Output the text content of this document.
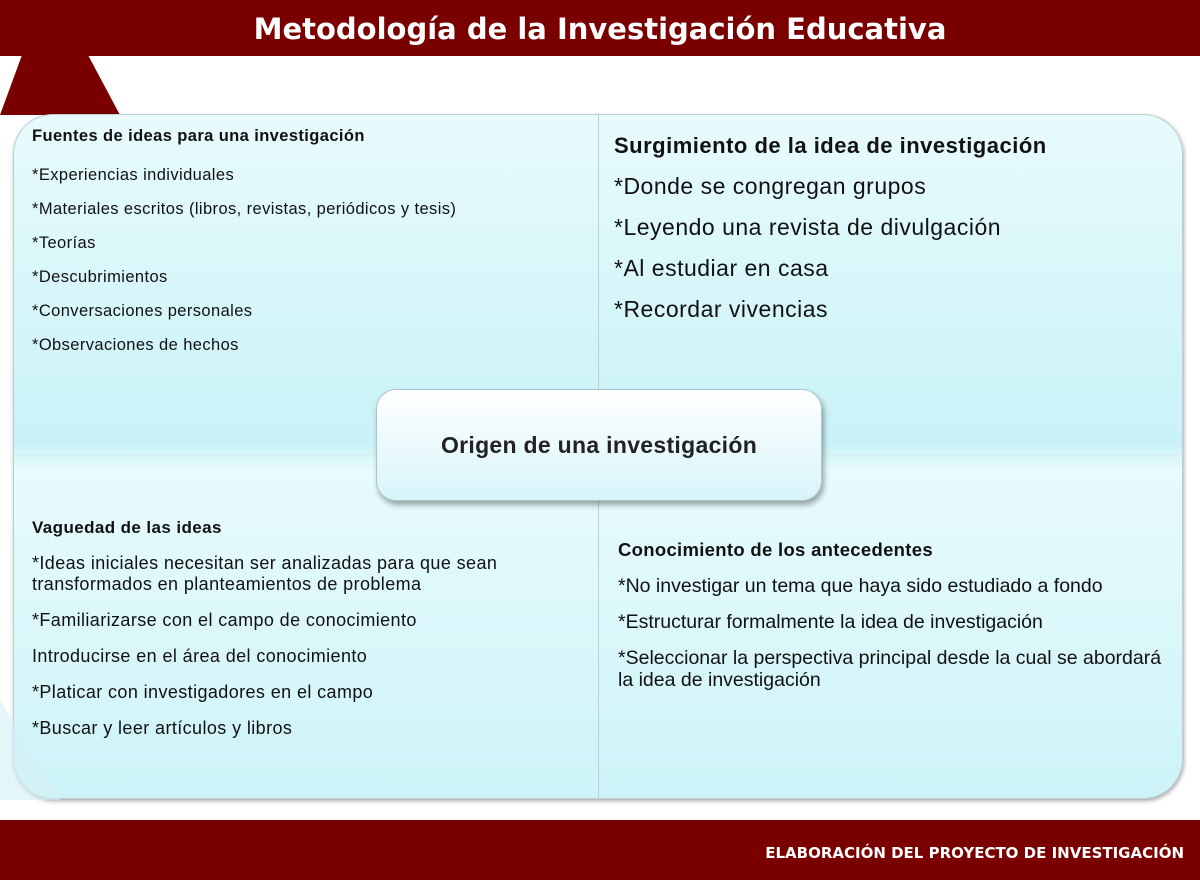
Metodología de la Investigación Educativa

Fuentes de ideas para una investigación

*Experiencias individuales

*Materiales escritos (libros, revistas, periódicos y tesis)

*Teorías

*Descubrimientos

*Conversaciones personales

*Observaciones de hechos

Surgimiento de la idea de investigación

*Donde se congregan grupos

*Leyendo una revista de divulgación

*Al estudiar en casa

*Recordar vivencias

Vaguedad de las ideas

*Ideas iniciales necesitan ser analizadas para que sean transformados en planteamientos de problema

*Familiarizarse con el campo de conocimiento

Introducirse en el área del conocimiento

*Platicar con investigadores en el campo

*Buscar y leer artículos y libros

Conocimiento de los antecedentes

*No investigar un tema que haya sido estudiado a fondo

*Estructurar formalmente la idea de investigación

*Seleccionar la perspectiva principal desde la cual se abordará la idea de investigación

Origen de una investigación
ELABORACIÓN DEL PROYECTO DE INVESTIGACIÓN
